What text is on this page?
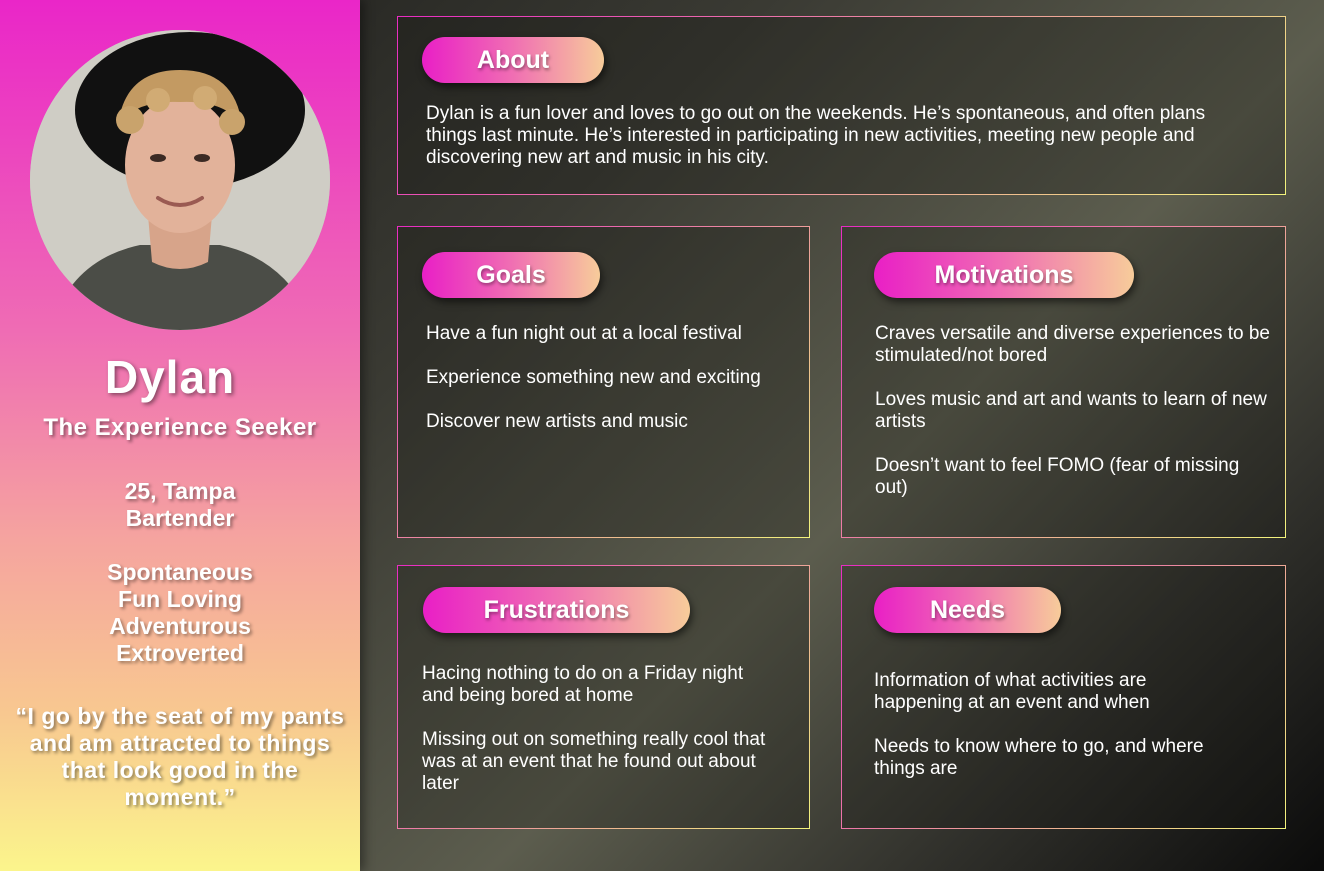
Dylan
The Experience Seeker
25, Tampa
Bartender
Spontaneous
Fun Loving
Adventurous
Extroverted
“I go by the seat of my pants and am attracted to things that look good in the moment.”
About
Dylan is a fun lover and loves to go out on the weekends. He’s spontaneous, and often plans things last minute. He’s interested in participating in new activities, meeting new people and discovering new art and music in his city.
Goals

Have a fun night out at a local festival

Experience something new and exciting

Discover new artists and music

Motivations

Craves versatile and diverse experiences to be stimulated/not bored

Loves music and art and wants to learn of new artists

Doesn’t want to feel FOMO (fear of missing out)

Frustrations

Hacing nothing to do on a Friday night and being bored at home

Missing out on something really cool that was at an event that he found out about later

Needs

Information of what activities are happening at an event and when

Needs to know where to go, and where things are
